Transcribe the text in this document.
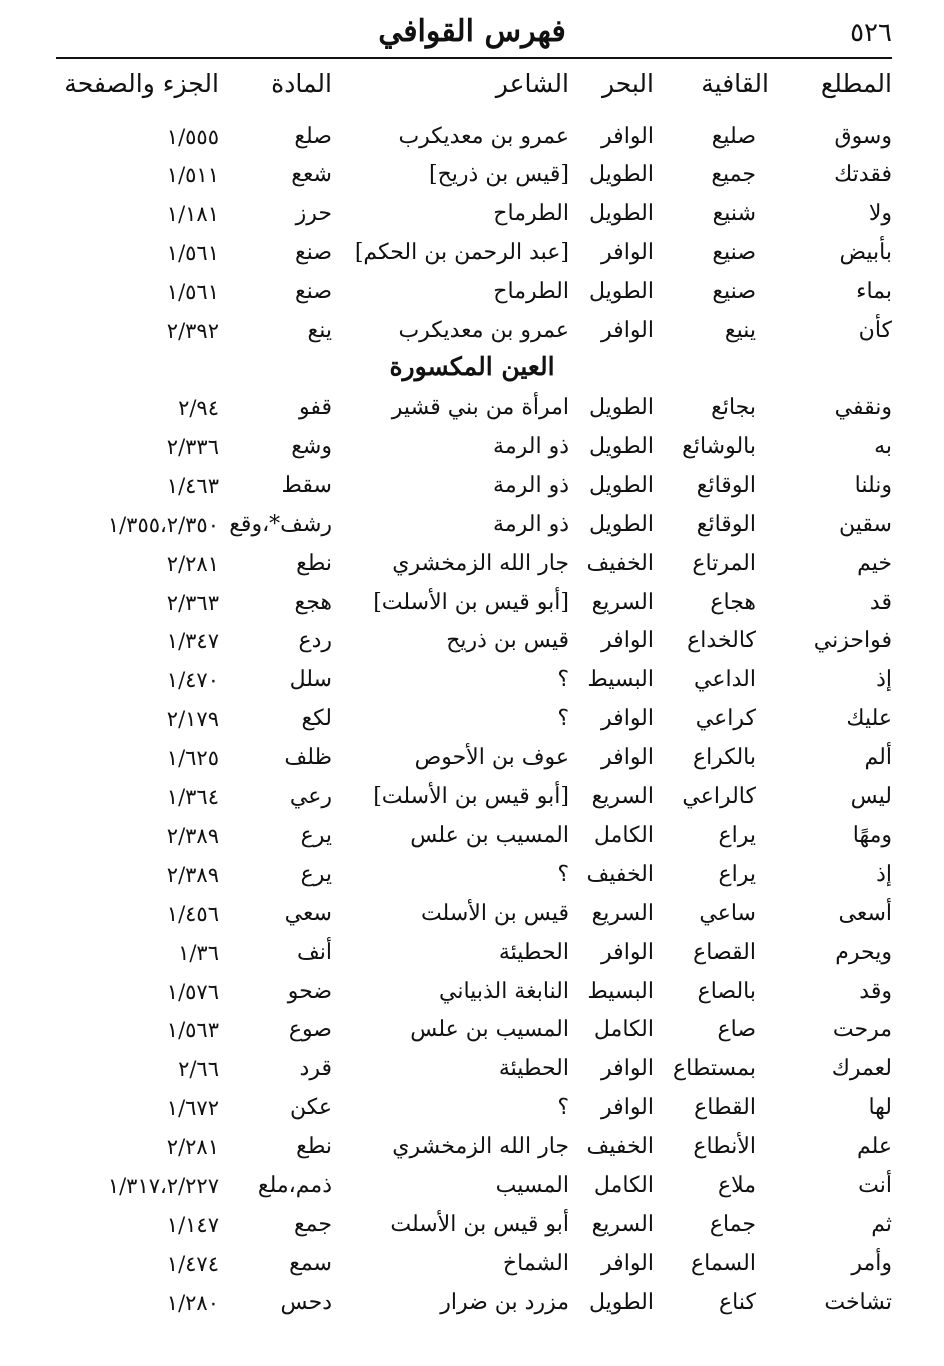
٥٢٦
فهرس القوافي
المطلع
القافية
البحر
الشاعر
المادة
الجزء والصفحة
وسوق
صليع
الوافر
عمرو بن معديكرب
صلع
١/٥٥٥
فقدتك
جميع
الطويل
[قيس بن ذريح]
شعع
١/٥١١
ولا
شنيع
الطويل
الطرماح
حرز
١/١٨١
بأبيض
صنيع
الوافر
[عبد الرحمن بن الحكم]
صنع
١/٥٦١
بماء
صنيع
الطويل
الطرماح
صنع
١/٥٦١
كأن
ينيع
الوافر
عمرو بن معديكرب
ينع
٢/٣٩٢
ونقفي
بجائع
الطويل
امرأة من بني قشير
قفو
٢/٩٤
به
بالوشائع
الطويل
ذو الرمة
وشع
٢/٣٣٦
ونلنا
الوقائع
الطويل
ذو الرمة
سقط
١/٤٦٣
سقين
الوقائع
الطويل
ذو الرمة
رشف*،وقع
١/٣٥٥،٢/٣٥٠
خيم
المرتاع
الخفيف
جار الله الزمخشري
نطع
٢/٢٨١
قد
هجاع
السريع
[أبو قيس بن الأسلت]
هجع
٢/٣٦٣
فواحزني
كالخداع
الوافر
قيس بن ذريح
ردع
١/٣٤٧
إذ
الداعي
البسيط
؟
سلل
١/٤٧٠
عليك
كراعي
الوافر
؟
لكع
٢/١٧٩
ألم
بالكراع
الوافر
عوف بن الأحوص
ظلف
١/٦٢٥
ليس
كالراعي
السريع
[أبو قيس بن الأسلت]
رعي
١/٣٦٤
ومهًا
يراع
الكامل
المسيب بن علس
يرع
٢/٣٨٩
إذ
يراع
الخفيف
؟
يرع
٢/٣٨٩
أسعى
ساعي
السريع
قيس بن الأسلت
سعي
١/٤٥٦
ويحرم
القصاع
الوافر
الحطيئة
أنف
١/٣٦
وقد
بالصاع
البسيط
النابغة الذبياني
ضحو
١/٥٧٦
مرحت
صاع
الكامل
المسيب بن علس
صوع
١/٥٦٣
لعمرك
بمستطاع
الوافر
الحطيئة
قرد
٢/٦٦
لها
القطاع
الوافر
؟
عكن
١/٦٧٢
علم
الأنطاع
الخفيف
جار الله الزمخشري
نطع
٢/٢٨١
أنت
ملاع
الكامل
المسيب
ذمم،ملع
١/٣١٧،٢/٢٢٧
ثم
جماع
السريع
أبو قيس بن الأسلت
جمع
١/١٤٧
وأمر
السماع
الوافر
الشماخ
سمع
١/٤٧٤
تشاخت
كناع
الطويل
مزرد بن ضرار
دحس
١/٢٨٠
العين المكسورة
